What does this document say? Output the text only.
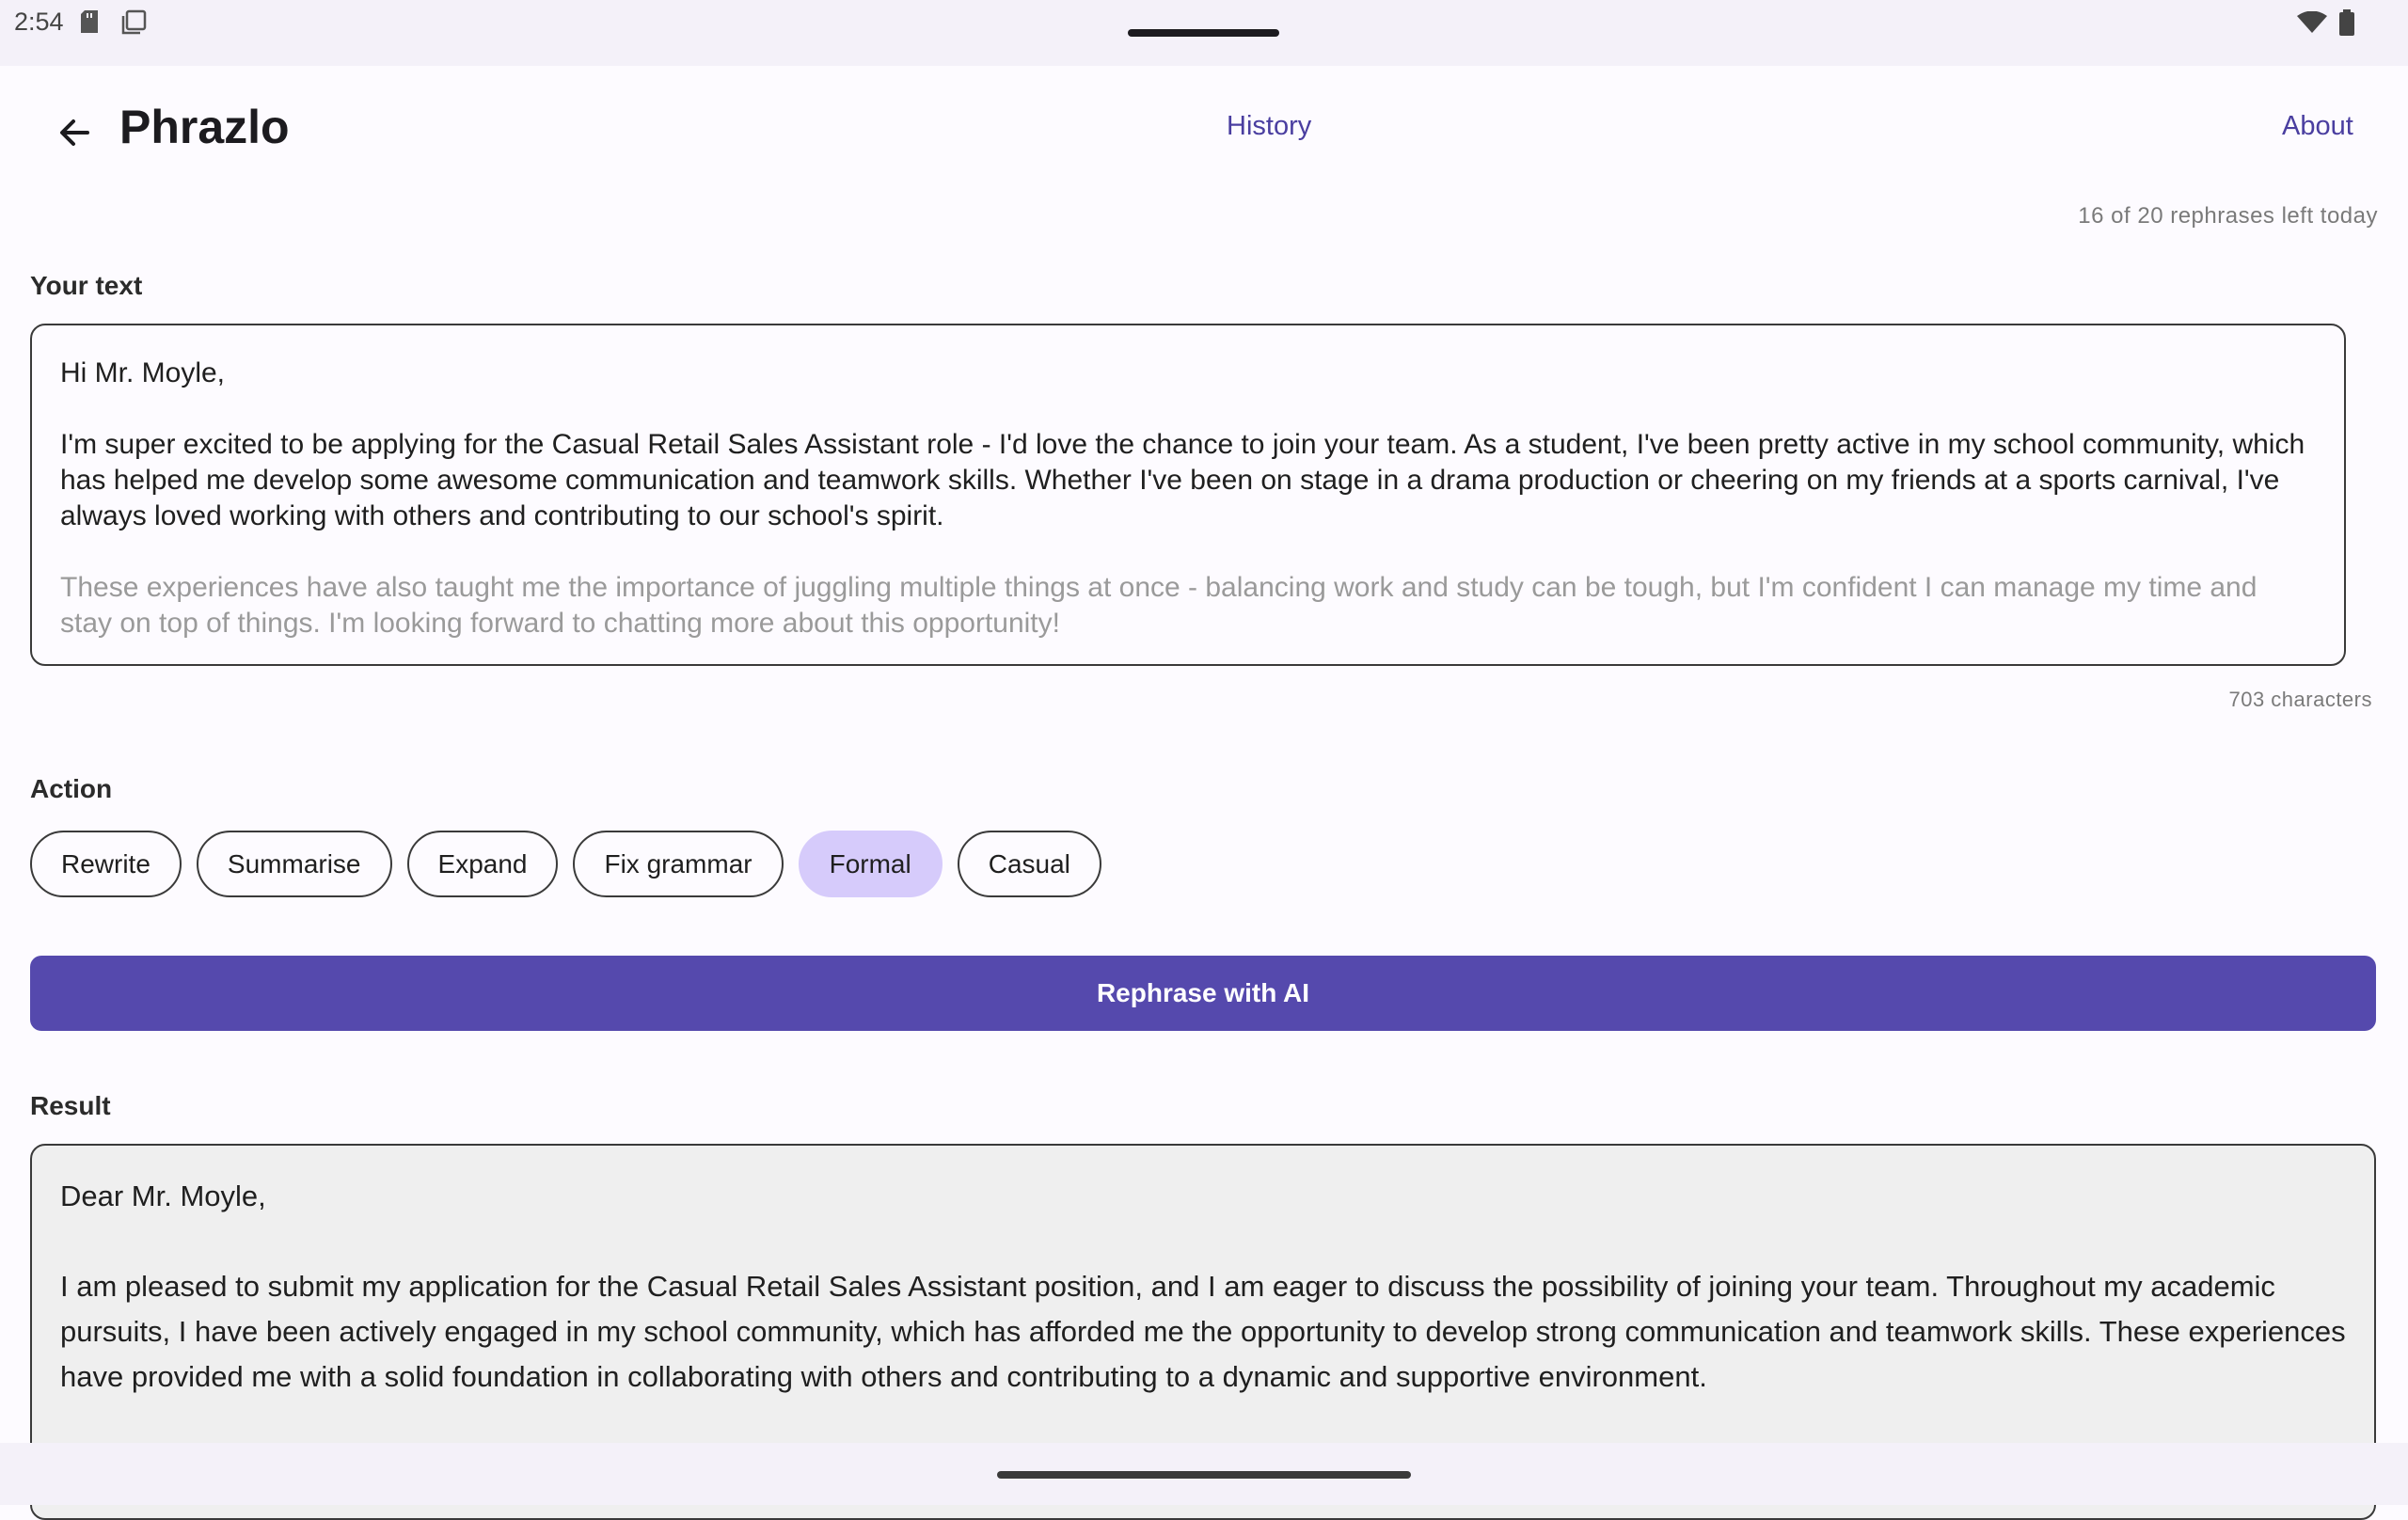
2:54
Phrazlo	History	About
16 of 20 rephrases left today
Your text

Hi Mr. Moyle,

I'm super excited to be applying for the Casual Retail Sales Assistant role - I'd love the chance to join your team. As a student, I've been pretty active in my school community, which has helped me develop some awesome communication and teamwork skills. Whether I've been on stage in a drama production or cheering on my friends at a sports carnival, I've always loved working with others and contributing to our school's spirit.

These experiences have also taught me the importance of juggling multiple things at once - balancing work and study can be tough, but I'm confident I can manage my time and stay on top of things. I'm looking forward to chatting more about this opportunity!

703 characters
Action
Rewrite	Summarise	Expand	Fix grammar	Formal	Casual
Rephrase with AI
Result

Dear Mr. Moyle,

I am pleased to submit my application for the Casual Retail Sales Assistant position, and I am eager to discuss the possibility of joining your team. Throughout my academic pursuits, I have been actively engaged in my school community, which has afforded me the opportunity to develop strong communication and teamwork skills. These experiences have provided me with a solid foundation in collaborating with others and contributing to a dynamic and supportive environment.
